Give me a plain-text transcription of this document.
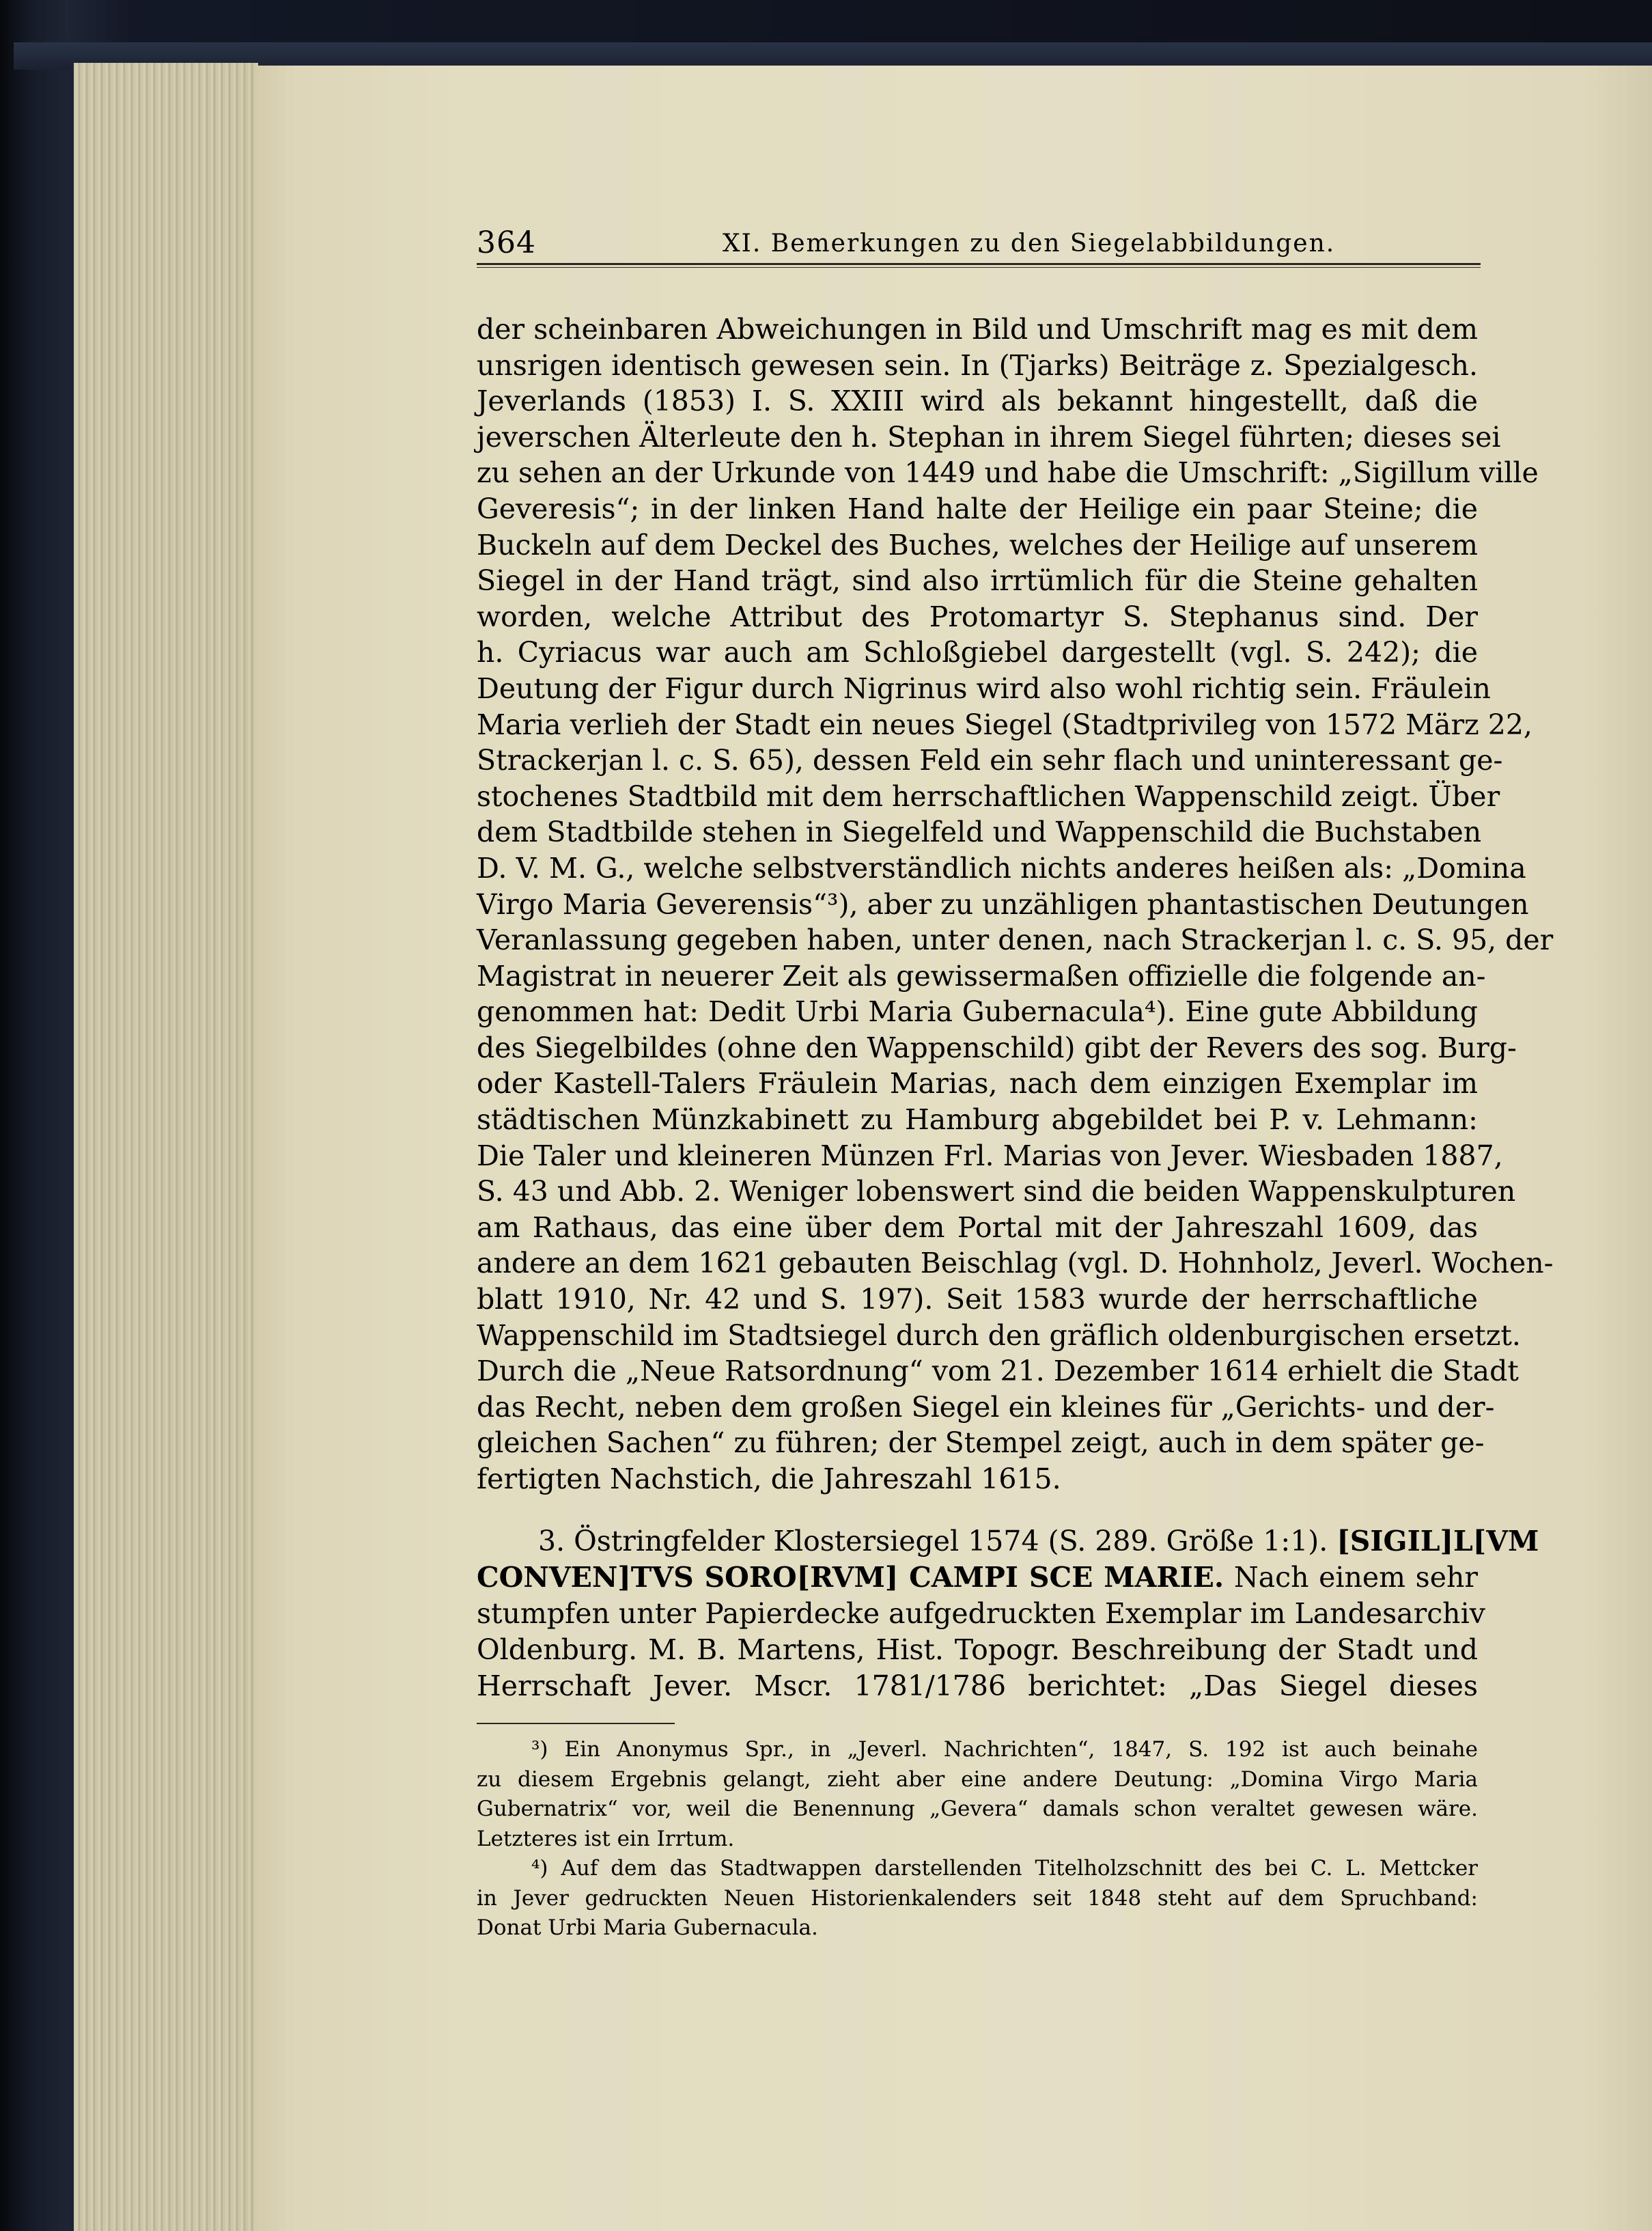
364	XI. Bemerkungen zu den Siegelabbildungen.
der scheinbaren Abweichungen in Bild und Umschrift mag es mit dem
unsrigen identisch gewesen sein. In (Tjarks) Beiträge z. Spezialgesch.
Jeverlands (1853) I. S. XXIII wird als bekannt hingestellt, daß die
jeverschen Älterleute den h. Stephan in ihrem Siegel führten; dieses sei
zu sehen an der Urkunde von 1449 und habe die Umschrift: „Sigillum ville
Geveresis“; in der linken Hand halte der Heilige ein paar Steine; die
Buckeln auf dem Deckel des Buches, welches der Heilige auf unserem
Siegel in der Hand trägt, sind also irrtümlich für die Steine gehalten
worden, welche Attribut des Protomartyr S. Stephanus sind. Der
h. Cyriacus war auch am Schloßgiebel dargestellt (vgl. S. 242); die
Deutung der Figur durch Nigrinus wird also wohl richtig sein. Fräulein
Maria verlieh der Stadt ein neues Siegel (Stadtprivileg von 1572 März 22,
Strackerjan l. c. S. 65), dessen Feld ein sehr flach und uninteressant ge-
stochenes Stadtbild mit dem herrschaftlichen Wappenschild zeigt. Über
dem Stadtbilde stehen in Siegelfeld und Wappenschild die Buchstaben
D. V. M. G., welche selbstverständlich nichts anderes heißen als: „Domina
Virgo Maria Geverensis“³), aber zu unzähligen phantastischen Deutungen
Veranlassung gegeben haben, unter denen, nach Strackerjan l. c. S. 95, der
Magistrat in neuerer Zeit als gewissermaßen offizielle die folgende an-
genommen hat: Dedit Urbi Maria Gubernacula⁴). Eine gute Abbildung
des Siegelbildes (ohne den Wappenschild) gibt der Revers des sog. Burg-
oder Kastell-Talers Fräulein Marias, nach dem einzigen Exemplar im
städtischen Münzkabinett zu Hamburg abgebildet bei P. v. Lehmann:
Die Taler und kleineren Münzen Frl. Marias von Jever. Wiesbaden 1887,
S. 43 und Abb. 2. Weniger lobenswert sind die beiden Wappenskulpturen
am Rathaus, das eine über dem Portal mit der Jahreszahl 1609, das
andere an dem 1621 gebauten Beischlag (vgl. D. Hohnholz, Jeverl. Wochen-
blatt 1910, Nr. 42 und S. 197). Seit 1583 wurde der herrschaftliche
Wappenschild im Stadtsiegel durch den gräflich oldenburgischen ersetzt.
Durch die „Neue Ratsordnung“ vom 21. Dezember 1614 erhielt die Stadt
das Recht, neben dem großen Siegel ein kleines für „Gerichts- und der-
gleichen Sachen“ zu führen; der Stempel zeigt, auch in dem später ge-
fertigten Nachstich, die Jahreszahl 1615.
3. Östringfelder Klostersiegel 1574 (S. 289. Größe 1:1). [SIGIL]L[VM
CONVEN]TVS SORO[RVM] CAMPI SCE MARIE. Nach einem sehr
stumpfen unter Papierdecke aufgedruckten Exemplar im Landesarchiv
Oldenburg. M. B. Martens, Hist. Topogr. Beschreibung der Stadt und
Herrschaft Jever. Mscr. 1781/1786 berichtet: „Das Siegel dieses
³) Ein Anonymus Spr., in „Jeverl. Nachrichten“, 1847, S. 192 ist auch beinahe
zu diesem Ergebnis gelangt, zieht aber eine andere Deutung: „Domina Virgo Maria
Gubernatrix“ vor, weil die Benennung „Gevera“ damals schon veraltet gewesen wäre.
Letzteres ist ein Irrtum.
⁴) Auf dem das Stadtwappen darstellenden Titelholzschnitt des bei C. L. Mettcker
in Jever gedruckten Neuen Historienkalenders seit 1848 steht auf dem Spruchband:
Donat Urbi Maria Gubernacula.
